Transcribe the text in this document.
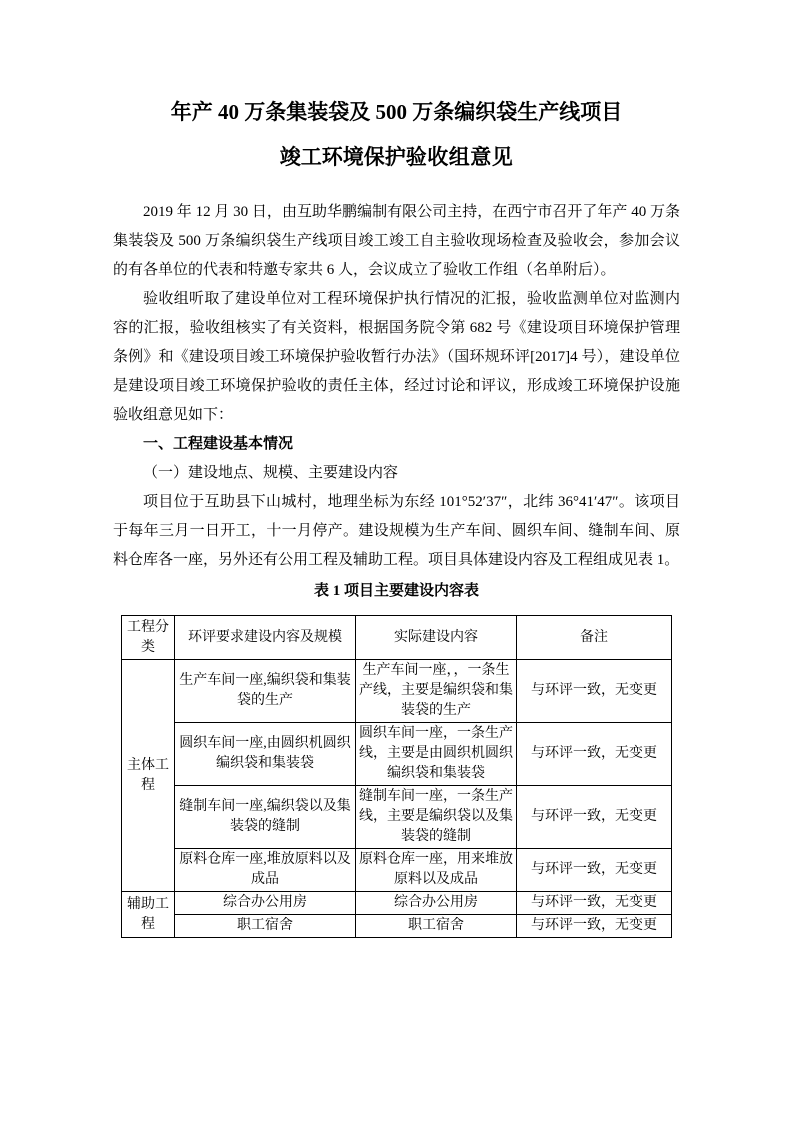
年产 40 万条集装袋及 500 万条编织袋生产线项目
竣工环境保护验收组意见

2019 年 12 月 30 日，由互助华鹏编制有限公司主持，在西宁市召开了年产 40 万条集装袋及 500 万条编织袋生产线项目竣工竣工自主验收现场检查及验收会，参加会议的有各单位的代表和特邀专家共 6 人，会议成立了验收工作组（名单附后）。

验收组听取了建设单位对工程环境保护执行情况的汇报，验收监测单位对监测内容的汇报，验收组核实了有关资料，根据国务院令第 682 号《建设项目环境保护管理条例》和《建设项目竣工环境保护验收暂行办法》（国环规环评[2017]4 号），建设单位是建设项目竣工环境保护验收的责任主体，经过讨论和评议，形成竣工环境保护设施验收组意见如下：

一、工程建设基本情况

（一）建设地点、规模、主要建设内容

项目位于互助县下山城村，地理坐标为东经 101°52′37″，北纬 36°41′47″。该项目于每年三月一日开工，十一月停产。建设规模为生产车间、圆织车间、缝制车间、原料仓库各一座，另外还有公用工程及辅助工程。项目具体建设内容及工程组成见表 1。

表 1 项目主要建设内容表

工程分类	环评要求建设内容及规模	实际建设内容	备注
主体工程	生产车间一座,编织袋和集装袋的生产	生产车间一座，，一条生产线，主要是编织袋和集装袋的生产	与环评一致，无变更
	圆织车间一座,由圆织机圆织编织袋和集装袋	圆织车间一座，一条生产线，主要是由圆织机圆织编织袋和集装袋	与环评一致，无变更
	缝制车间一座,编织袋以及集装袋的缝制	缝制车间一座，一条生产线，主要是编织袋以及集装袋的缝制	与环评一致，无变更
	原料仓库一座,堆放原料以及成品	原料仓库一座，用来堆放原料以及成品	与环评一致，无变更
辅助工程	综合办公用房	综合办公用房	与环评一致，无变更
	职工宿舍	职工宿舍	与环评一致，无变更
